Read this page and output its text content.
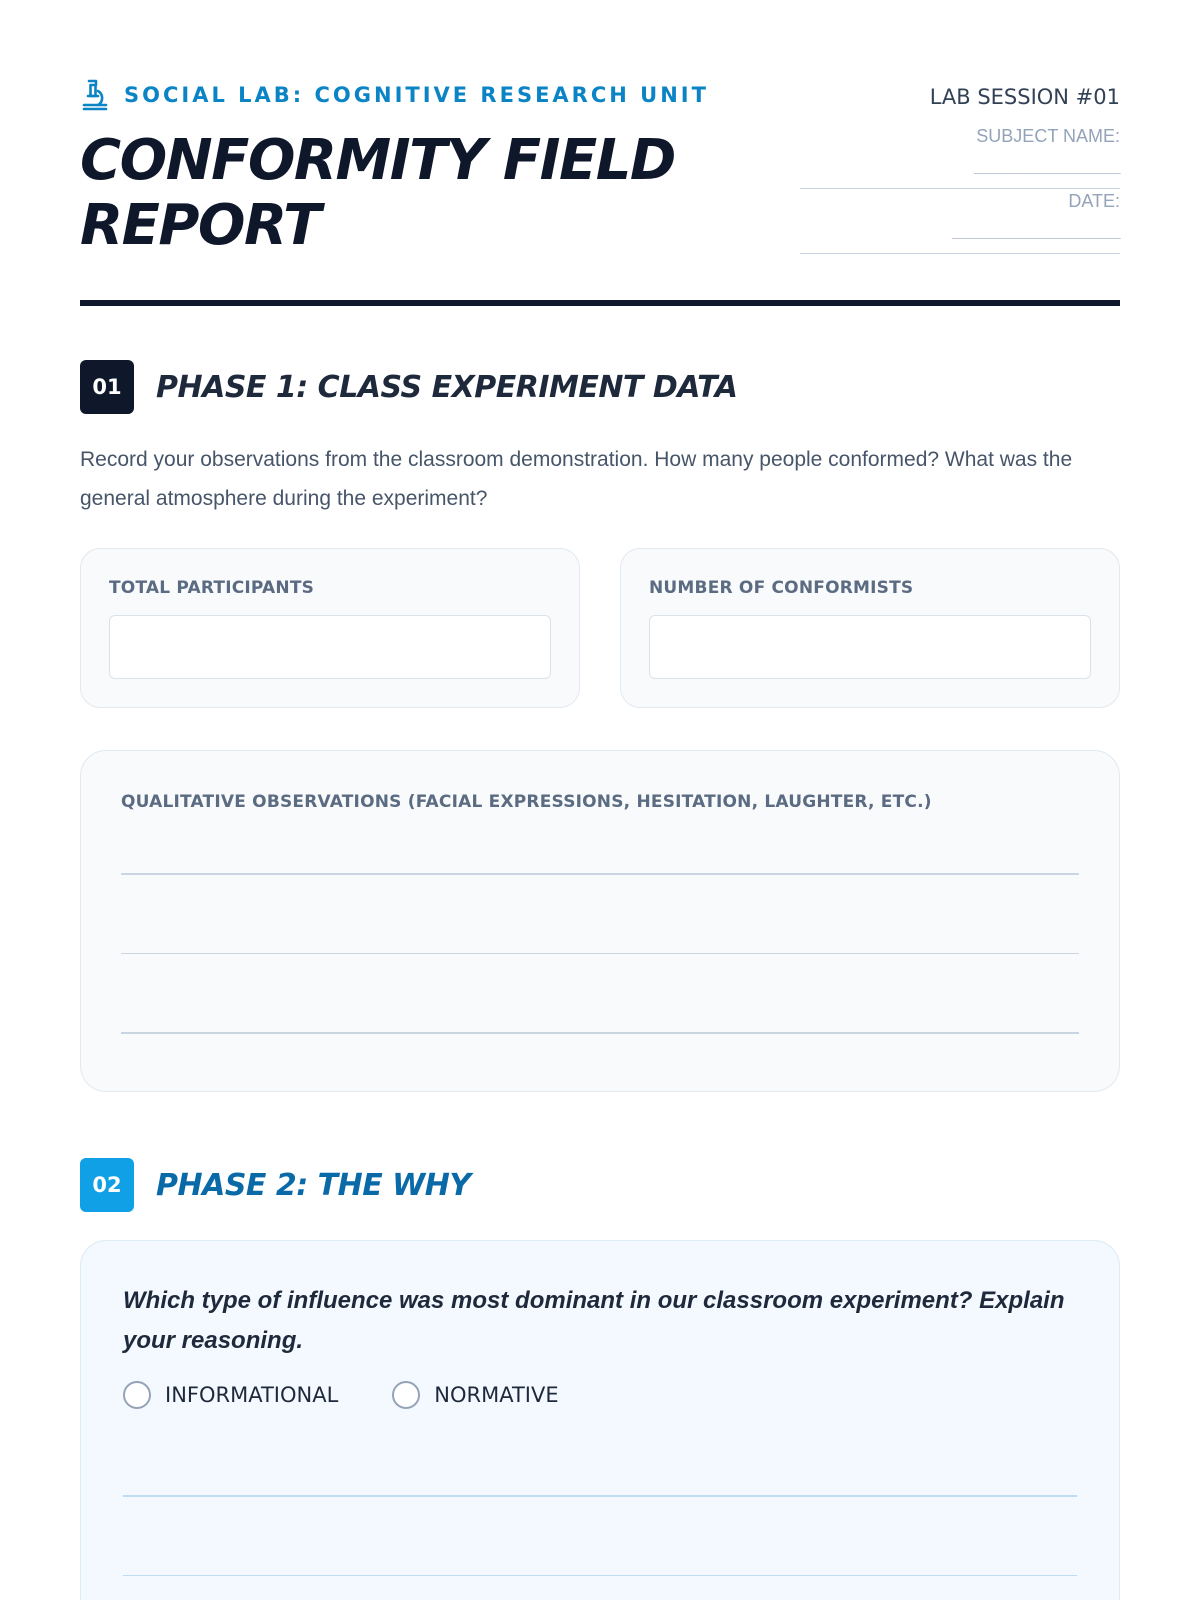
SOCIAL LAB: COGNITIVE RESEARCH UNIT
CONFORMITY FIELD REPORT
LAB SESSION #01
SUBJECT NAME:
____________________
DATE:
_______________________
01	PHASE 1: CLASS EXPERIMENT DATA

Record your observations from the classroom demonstration. How many people conformed? What was the general atmosphere during the experiment?

TOTAL PARTICIPANTS	NUMBER OF CONFORMISTS
QUALITATIVE OBSERVATIONS (FACIAL EXPRESSIONS, HESITATION, LAUGHTER, ETC.)
02	PHASE 2: THE WHY

Which type of influence was most dominant in our classroom experiment? Explain your reasoning.

INFORMATIONAL	NORMATIVE
